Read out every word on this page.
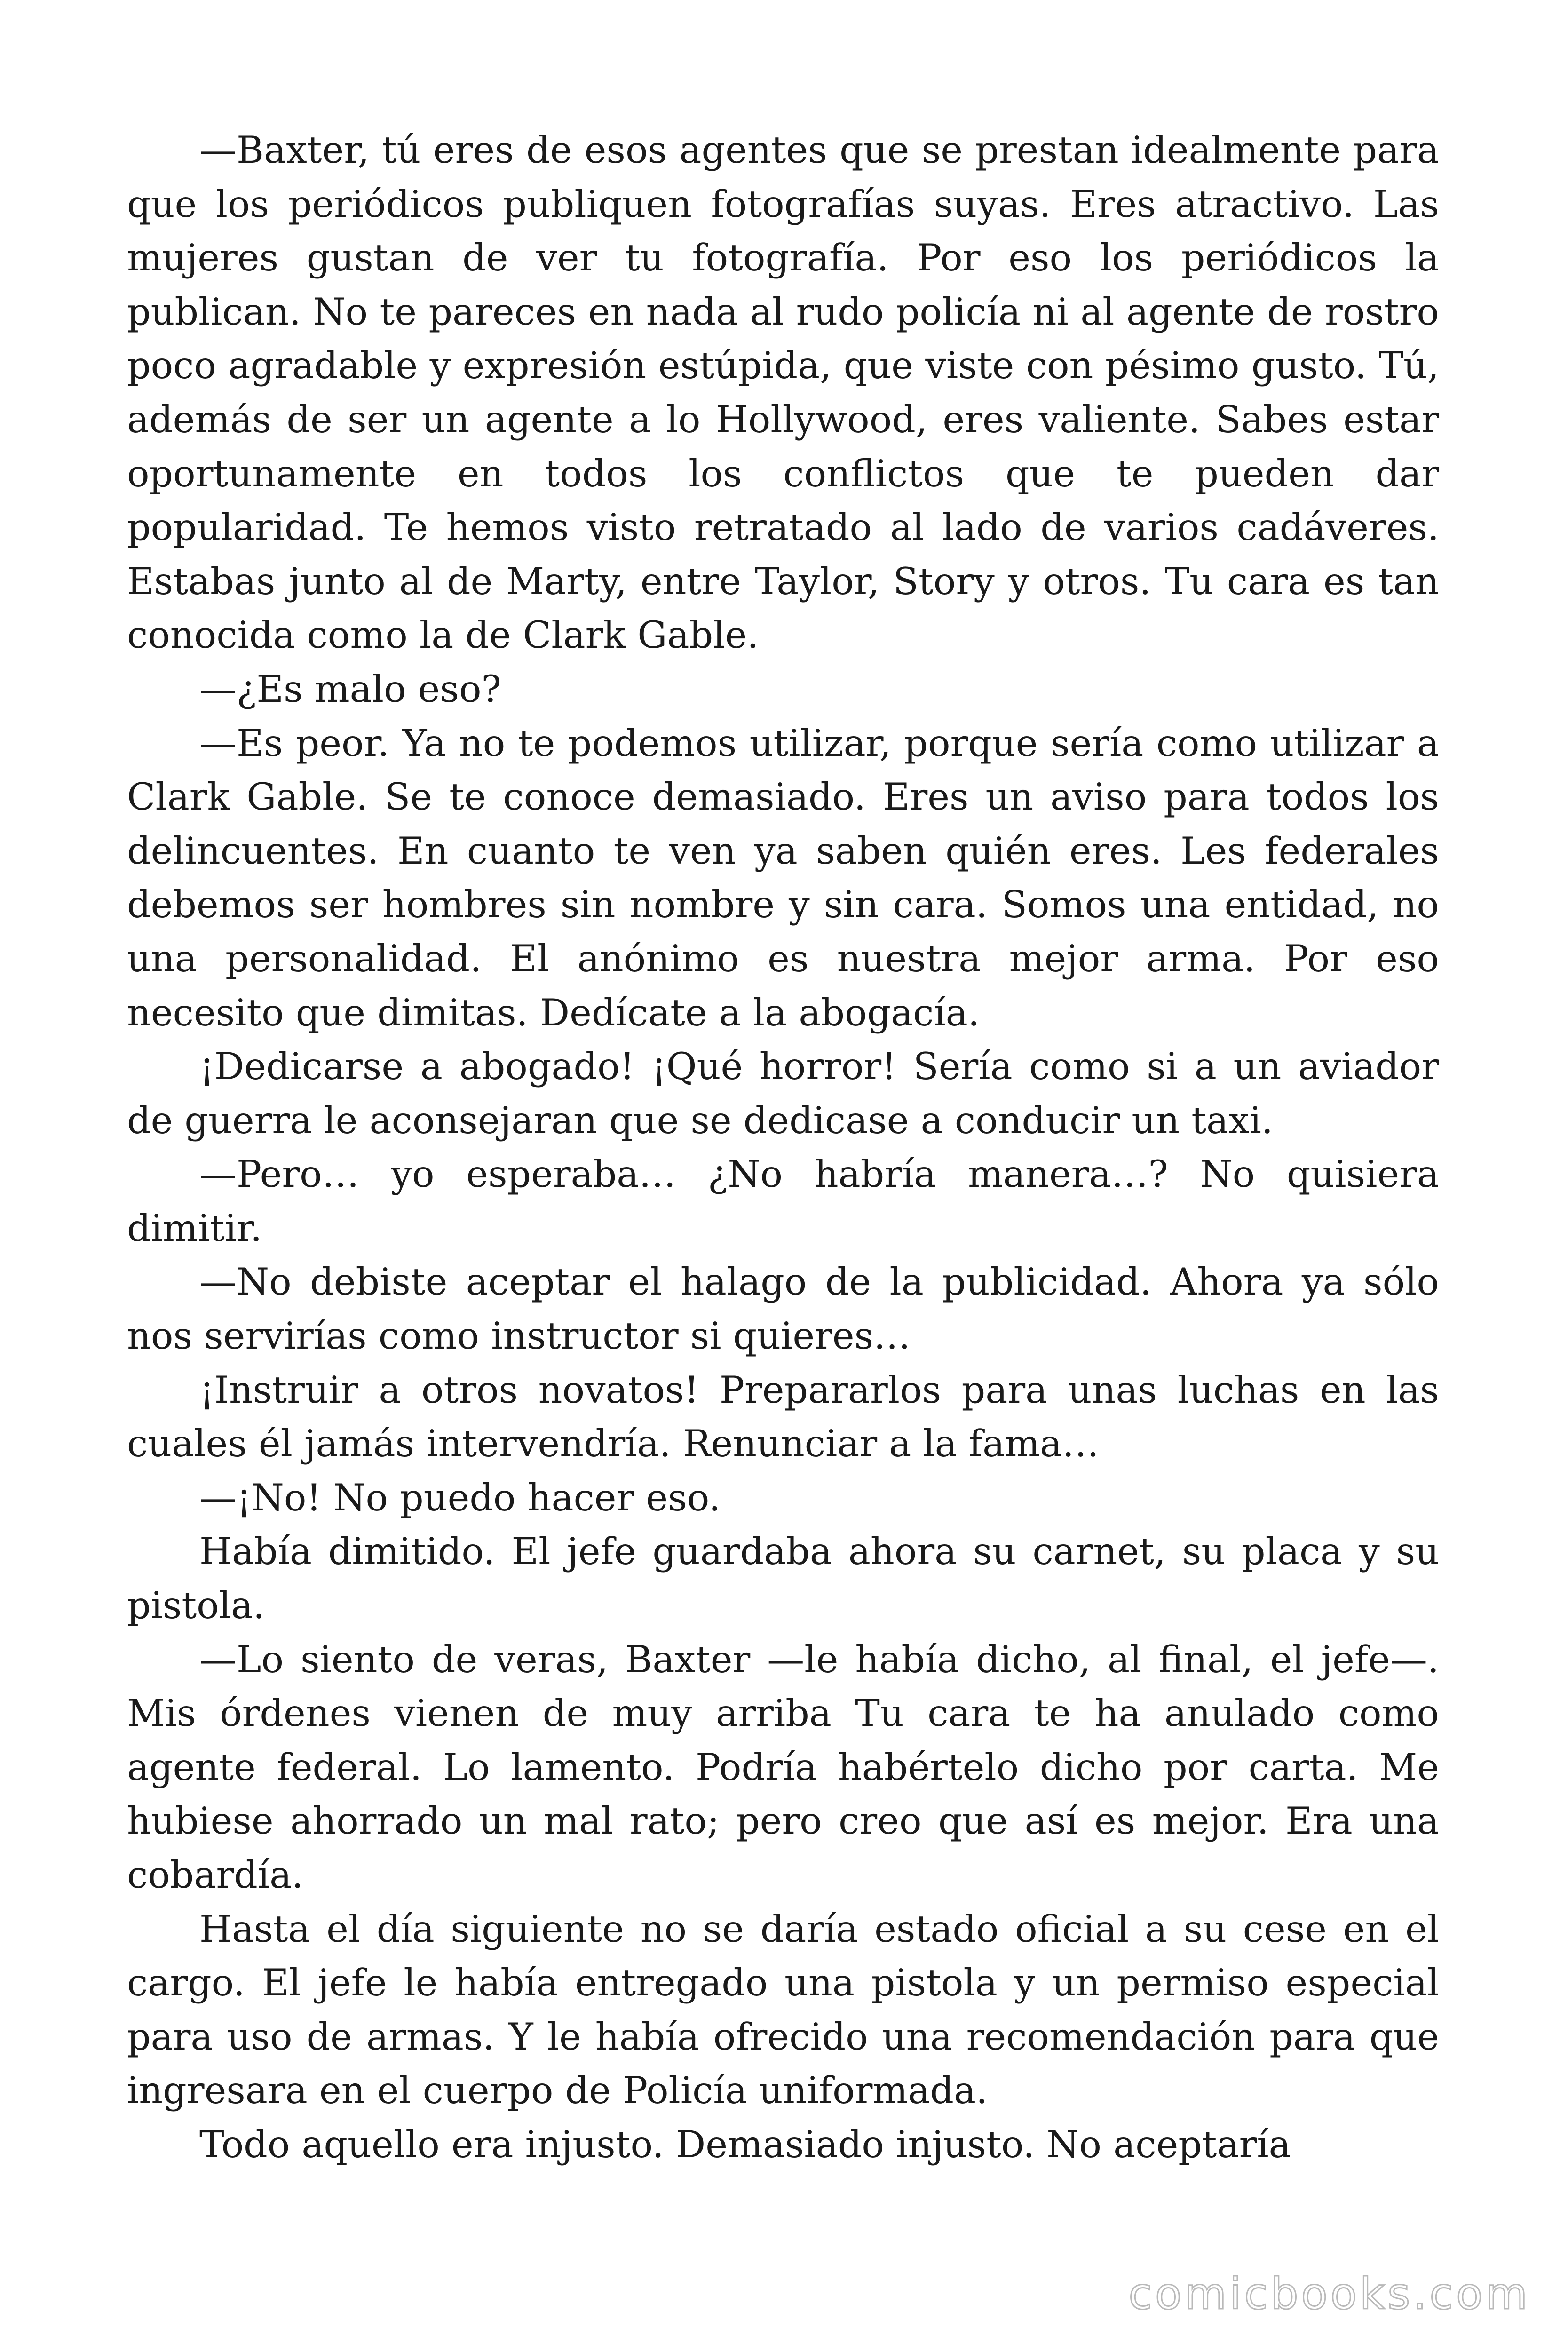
—Baxter, tú eres de esos agentes que se prestan idealmente para que los periódicos publiquen fotografías suyas. Eres atractivo. Las mujeres gustan de ver tu fotografía. Por eso los periódicos la publican. No te pareces en nada al rudo policía ni al agente de rostro poco agradable y expresión estúpida, que viste con pésimo gusto. Tú, además de ser un agente a lo Hollywood, eres valiente. Sabes estar oportunamente en todos los conflictos que te pueden dar popularidad. Te hemos visto retratado al lado de varios cadáveres. Estabas junto al de Marty, entre Taylor, Story y otros. Tu cara es tan conocida como la de Clark Gable.

—¿Es malo eso?

—Es peor. Ya no te podemos utilizar, porque sería como utilizar a Clark Gable. Se te conoce demasiado. Eres un aviso para todos los delincuentes. En cuanto te ven ya saben quién eres. Les federales debemos ser hombres sin nombre y sin cara. Somos una entidad, no una personalidad. El anónimo es nuestra mejor arma. Por eso necesito que dimitas. Dedícate a la abogacía.

¡Dedicarse a abogado! ¡Qué horror! Sería como si a un aviador de guerra le aconsejaran que se dedicase a conducir un taxi.

—Pero… yo esperaba… ¿No habría manera…? No quisiera dimitir.

—No debiste aceptar el halago de la publicidad. Ahora ya sólo nos servirías como instructor si quieres…

¡Instruir a otros novatos! Prepararlos para unas luchas en las cuales él jamás intervendría. Renunciar a la fama…

—¡No! No puedo hacer eso.

Había dimitido. El jefe guardaba ahora su carnet, su placa y su pistola.

—Lo siento de veras, Baxter —le había dicho, al final, el jefe—. Mis órdenes vienen de muy arriba Tu cara te ha anulado como agente federal. Lo lamento. Podría habértelo dicho por carta. Me hubiese ahorrado un mal rato; pero creo que así es mejor. Era una cobardía.

Hasta el día siguiente no se daría estado oficial a su cese en el cargo. El jefe le había entregado una pistola y un permiso especial para uso de armas. Y le había ofrecido una recomendación para que ingresara en el cuerpo de Policía uniformada.

Todo aquello era injusto. Demasiado injusto. No aceptaría

comicbooks.com
